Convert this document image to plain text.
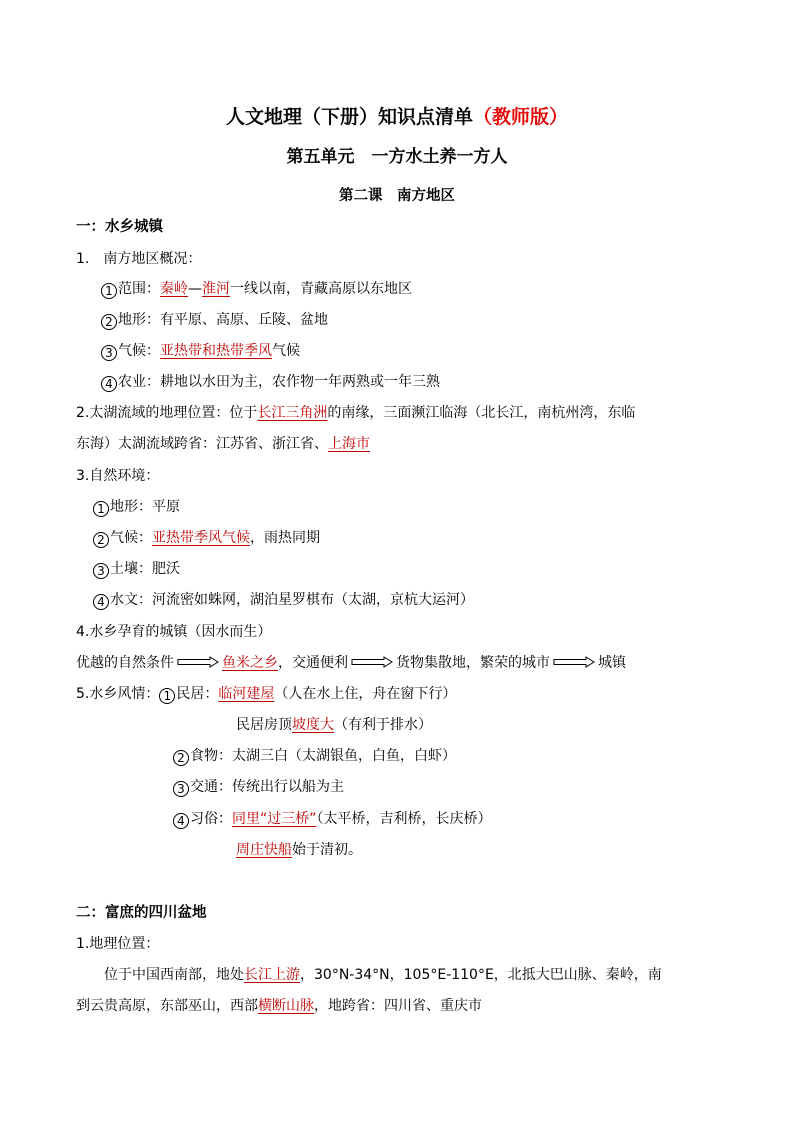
人文地理（下册）知识点清单（教师版）
第五单元　一方水土养一方人
第二课　南方地区
一：水乡城镇
1.　南方地区概况：
1 范围：秦岭—淮河一线以南，青藏高原以东地区
2 地形：有平原、高原、丘陵、盆地
3 气候：亚热带和热带季风气候
4 农业：耕地以水田为主，农作物一年两熟或一年三熟
2.太湖流域的地理位置：位于长江三角洲的南缘，三面濒江临海（北长江，南杭州湾，东临
东海）太湖流域跨省：江苏省、浙江省、上海市
3.自然环境：
1 地形：平原
2 气候：亚热带季风气候，雨热同期
3 土壤：肥沃
4 水文：河流密如蛛网，湖泊星罗棋布（太湖，京杭大运河）
4.水乡孕育的城镇（因水而生）
优越的自然条件	鱼米之乡，交通便利	货物集散地，繁荣的城市	城镇
5.水乡风情： 1 民居：临河建屋（人在水上住，舟在窗下行）
民居房顶坡度大（有利于排水）
2 食物：太湖三白（太湖银鱼，白鱼，白虾）
3 交通：传统出行以船为主
4 习俗：同里“过三桥”（太平桥，吉利桥，长庆桥）
周庄快船始于清初。
二：富庶的四川盆地
1.地理位置：
位于中国西南部，地处长江上游，30°N-34°N，105°E-110°E，北抵大巴山脉、秦岭，南
到云贵高原，东部巫山，西部横断山脉，地跨省：四川省、重庆市
